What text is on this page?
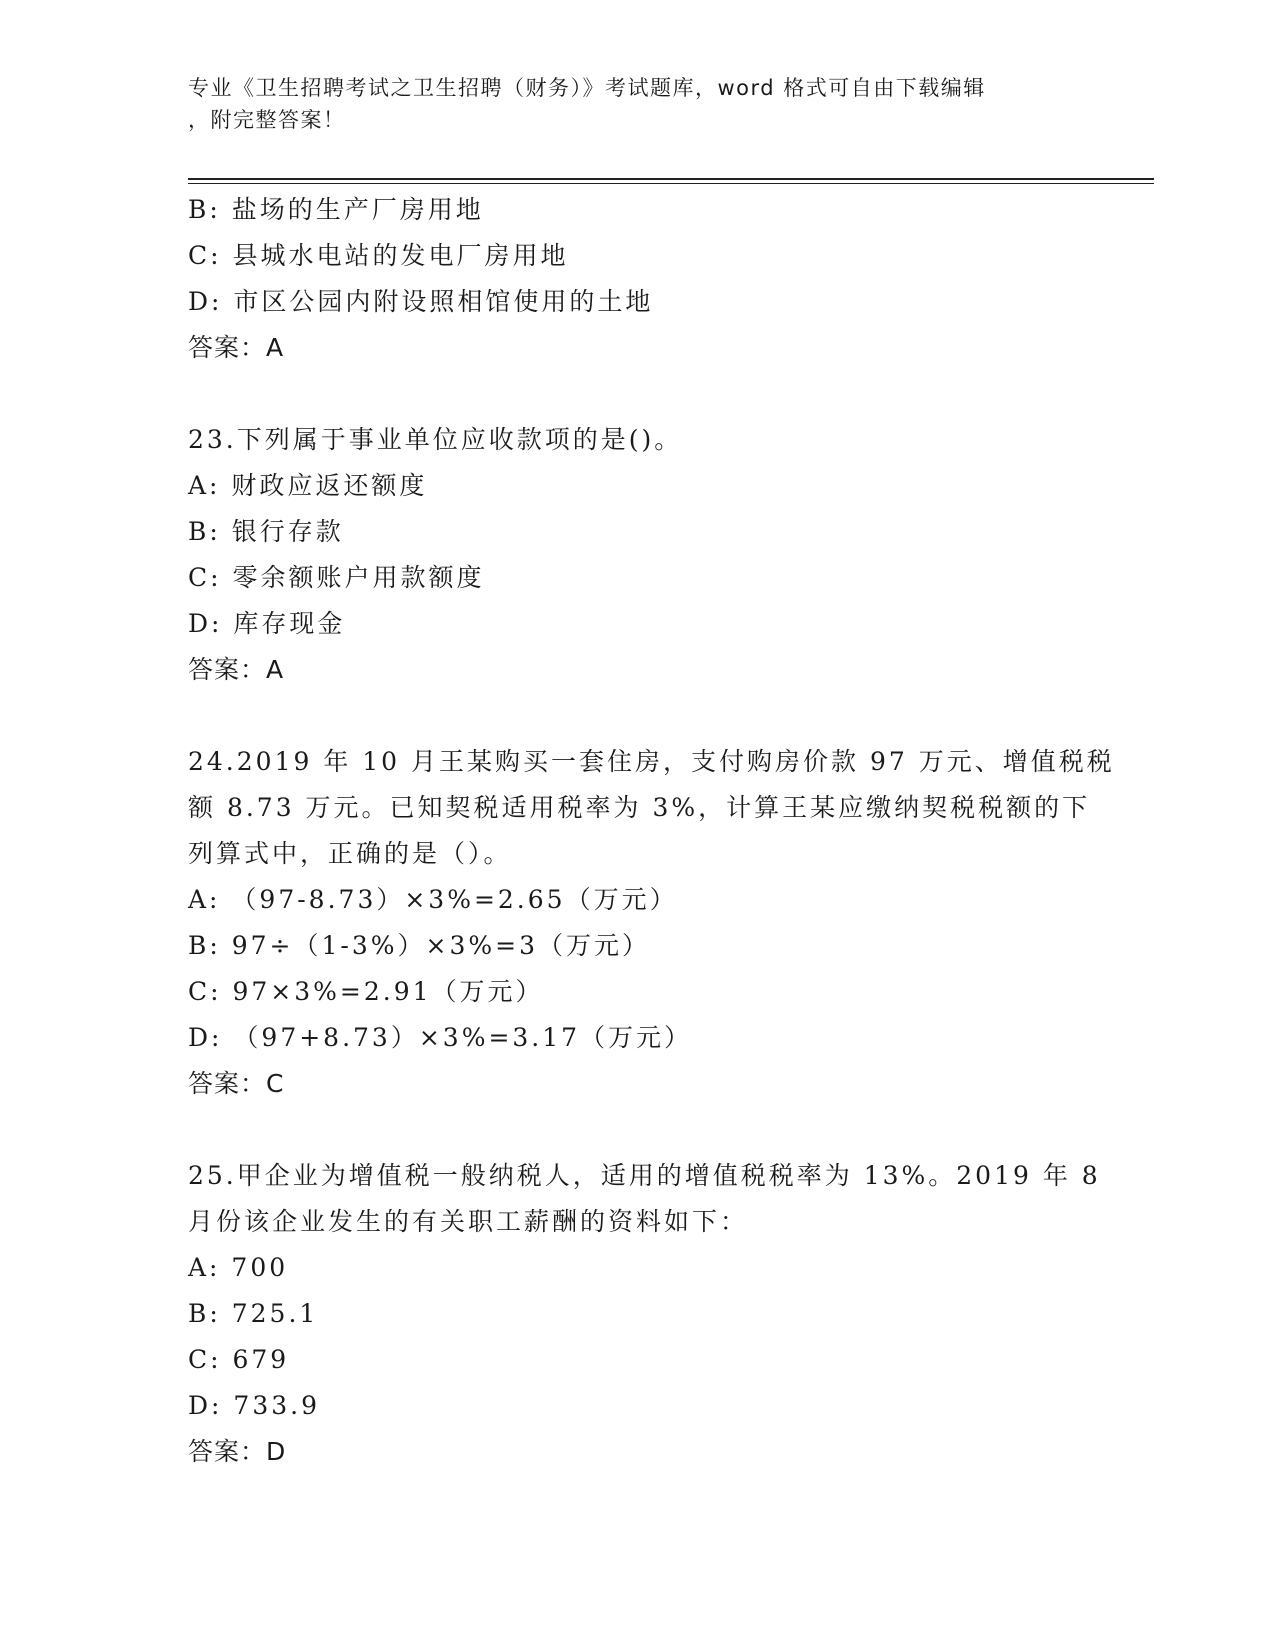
专业《卫生招聘考试之卫生招聘（财务）》考试题库，word 格式可自由下载编辑
，附完整答案！
B: 盐场的生产厂房用地
C: 县城水电站的发电厂房用地
D: 市区公园内附设照相馆使用的土地
答案：A
23.下列属于事业单位应收款项的是()。
A: 财政应返还额度
B: 银行存款
C: 零余额账户用款额度
D: 库存现金
答案：A
24.2019 年 10 月王某购买一套住房，支付购房价款 97 万元、增值税税
额 8.73 万元。已知契税适用税率为 3%，计算王某应缴纳契税税额的下
列算式中，正确的是（）。
A: （97-8.73）×3%=2.65（万元）
B: 97÷（1-3%）×3%=3（万元）
C: 97×3%=2.91（万元）
D: （97+8.73）×3%=3.17（万元）
答案：C
25.甲企业为增值税一般纳税人，适用的增值税税率为 13%。2019 年 8
月份该企业发生的有关职工薪酬的资料如下：
A: 700
B: 725.1
C: 679
D: 733.9
答案：D
